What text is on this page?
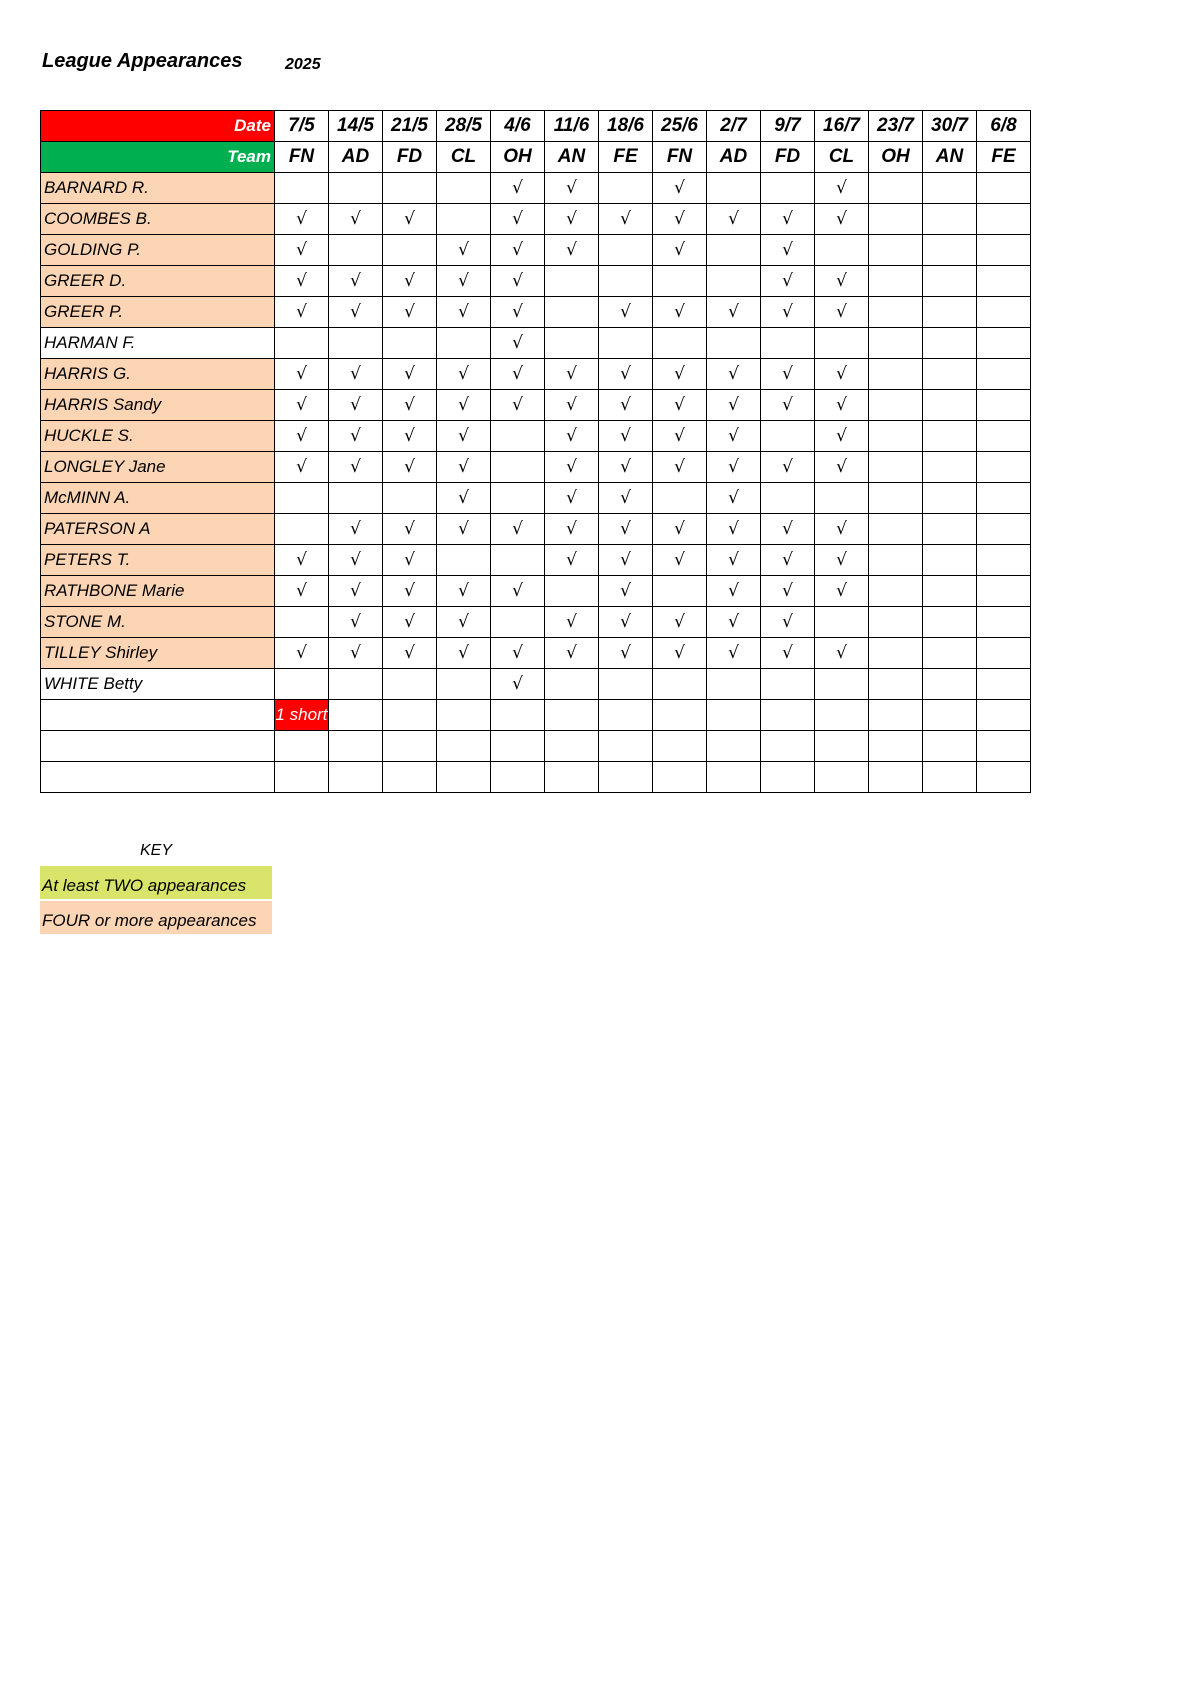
League Appearances	2025
Date	7/5	14/5	21/5	28/5	4/6	11/6	18/6	25/6	2/7	9/7	16/7	23/7	30/7	6/8
Team	FN	AD	FD	CL	OH	AN	FE	FN	AD	FD	CL	OH	AN	FE
BARNARD R.					√	√		√			√			
COOMBES B.	√	√	√		√	√	√	√	√	√	√			
GOLDING P.	√			√	√	√		√		√				
GREER D.	√	√	√	√	√					√	√			
GREER P.	√	√	√	√	√		√	√	√	√	√			
HARMAN F.					√									
HARRIS G.	√	√	√	√	√	√	√	√	√	√	√			
HARRIS Sandy	√	√	√	√	√	√	√	√	√	√	√			
HUCKLE S.	√	√	√	√		√	√	√	√		√			
LONGLEY Jane	√	√	√	√		√	√	√	√	√	√			
McMINN A.				√		√	√		√					
PATERSON A		√	√	√	√	√	√	√	√	√	√			
PETERS T.	√	√	√			√	√	√	√	√	√			
RATHBONE Marie	√	√	√	√	√		√		√	√	√			
STONE M.		√	√	√		√	√	√	√	√				
TILLEY Shirley	√	√	√	√	√	√	√	√	√	√	√			
WHITE Betty					√									
	1 short													

KEY
At least TWO appearances
FOUR or more appearances
